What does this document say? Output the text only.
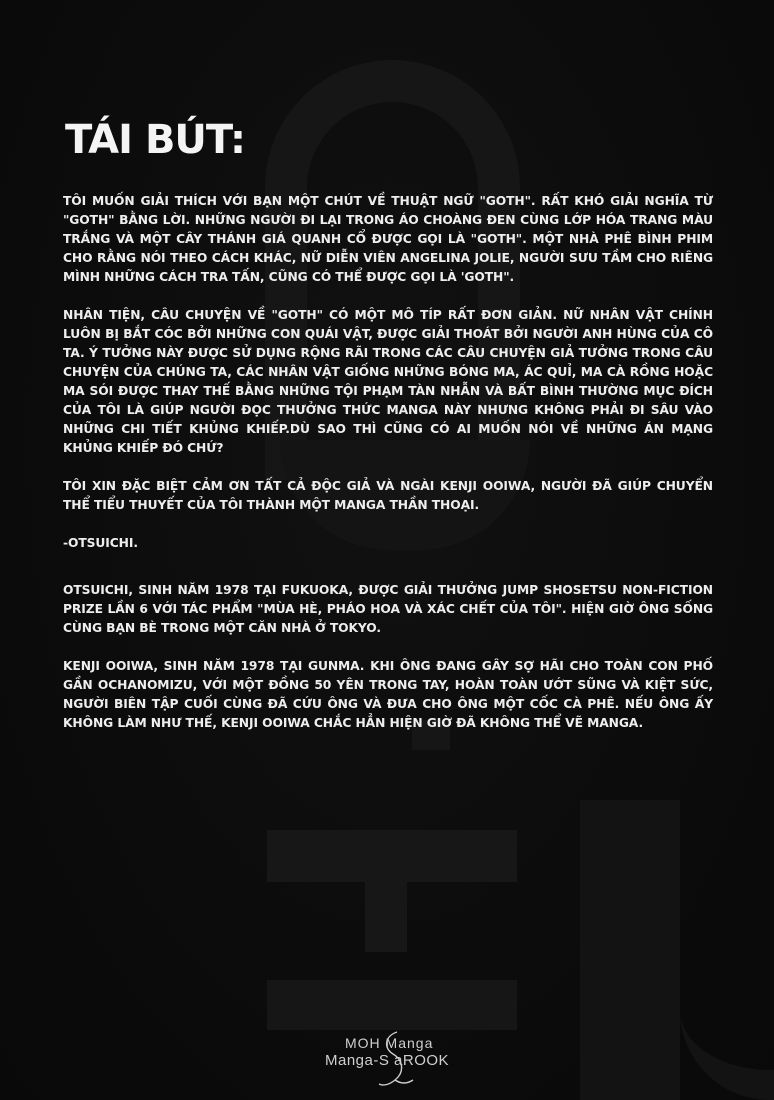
TÁI BÚT:

TÔI MUỐN GIẢI THÍCH VỚI BẠN MỘT CHÚT VỀ THUẬT NGỮ "GOTH". RẤT KHÓ GIẢI NGHĨA TỪ "GOTH" BẰNG LỜI. NHỮNG NGƯỜI ĐI LẠI TRONG ÁO CHOÀNG ĐEN CÙNG LỚP HÓA TRANG MÀU TRẮNG VÀ MỘT CÂY THÁNH GIÁ QUANH CỔ ĐƯỢC GỌI LÀ "GOTH". MỘT NHÀ PHÊ BÌNH PHIM CHO RẰNG NÓI THEO CÁCH KHÁC, NỮ DIỄN VIÊN ANGELINA JOLIE, NGƯỜI SƯU TẦM CHO RIÊNG MÌNH NHỮNG CÁCH TRA TẤN, CŨNG CÓ THỂ ĐƯỢC GỌI LÀ 'GOTH".

NHÂN TIỆN, CÂU CHUYỆN VỀ "GOTH" CÓ MỘT MÔ TÍP RẤT ĐƠN GIẢN. NỮ NHÂN VẬT CHÍNH LUÔN BỊ BẮT CÓC BỞI NHỮNG CON QUÁI VẬT, ĐƯỢC GIẢI THOÁT BỞI NGƯỜI ANH HÙNG CỦA CÔ TA. Ý TƯỞNG NÀY ĐƯỢC SỬ DỤNG RỘNG RÃI TRONG CÁC CÂU CHUYỆN GIẢ TƯỞNG TRONG CÂU CHUYỆN CỦA CHÚNG TA, CÁC NHÂN VẬT GIỐNG NHỮNG BÓNG MA, ÁC QUỈ, MA CÀ RỒNG HOẶC MA SÓI ĐƯỢC THAY THẾ BẰNG NHỮNG TỘI PHẠM TÀN NHẪN VÀ BẤT BÌNH THƯỜNG MỤC ĐÍCH CỦA TÔI LÀ GIÚP NGƯỜI ĐỌC THƯỞNG THỨC MANGA NÀY NHƯNG KHÔNG PHẢI ĐI SÂU VÀO NHỮNG CHI TIẾT KHỦNG KHIẾP.DÙ SAO THÌ CŨNG CÓ AI MUỐN NÓI VỀ NHỮNG ÁN MẠNG KHỦNG KHIẾP ĐÓ CHỨ?

TÔI XIN ĐẶC BIỆT CẢM ƠN TẤT CẢ ĐỘC GIẢ VÀ NGÀI KENJI OOIWA, NGƯỜI ĐÃ GIÚP CHUYỂN THỂ TIỂU THUYẾT CỦA TÔI THÀNH MỘT MANGA THẦN THOẠI.

-OTSUICHI.

OTSUICHI, SINH NĂM 1978 TẠI FUKUOKA, ĐƯỢC GIẢI THƯỞNG JUMP SHOSETSU NON-FICTION PRIZE LẦN 6 VỚI TÁC PHẨM "MÙA HÈ, PHÁO HOA VÀ XÁC CHẾT CỦA TÔI". HIỆN GIỜ ÔNG SỐNG CÙNG BẠN BÈ TRONG MỘT CĂN NHÀ Ở TOKYO.

KENJI OOIWA, SINH NĂM 1978 TẠI GUNMA. KHI ÔNG ĐANG GÂY SỢ HÃI CHO TOÀN CON PHỐ GẦN OCHANOMIZU, VỚI MỘT ĐỒNG 50 YÊN TRONG TAY, HOÀN TOÀN ƯỚT SŨNG VÀ KIỆT SỨC, NGƯỜI BIÊN TẬP CUỐI CÙNG ĐÃ CỨU ÔNG VÀ ĐƯA CHO ÔNG MỘT CỐC CÀ PHÊ. NẾU ÔNG ẤY KHÔNG LÀM NHƯ THẾ, KENJI OOIWA CHẮC HẲN HIỆN GIỜ ĐÃ KHÔNG THỂ VẼ MANGA.

MOH Manga
Manga-S aROOK
